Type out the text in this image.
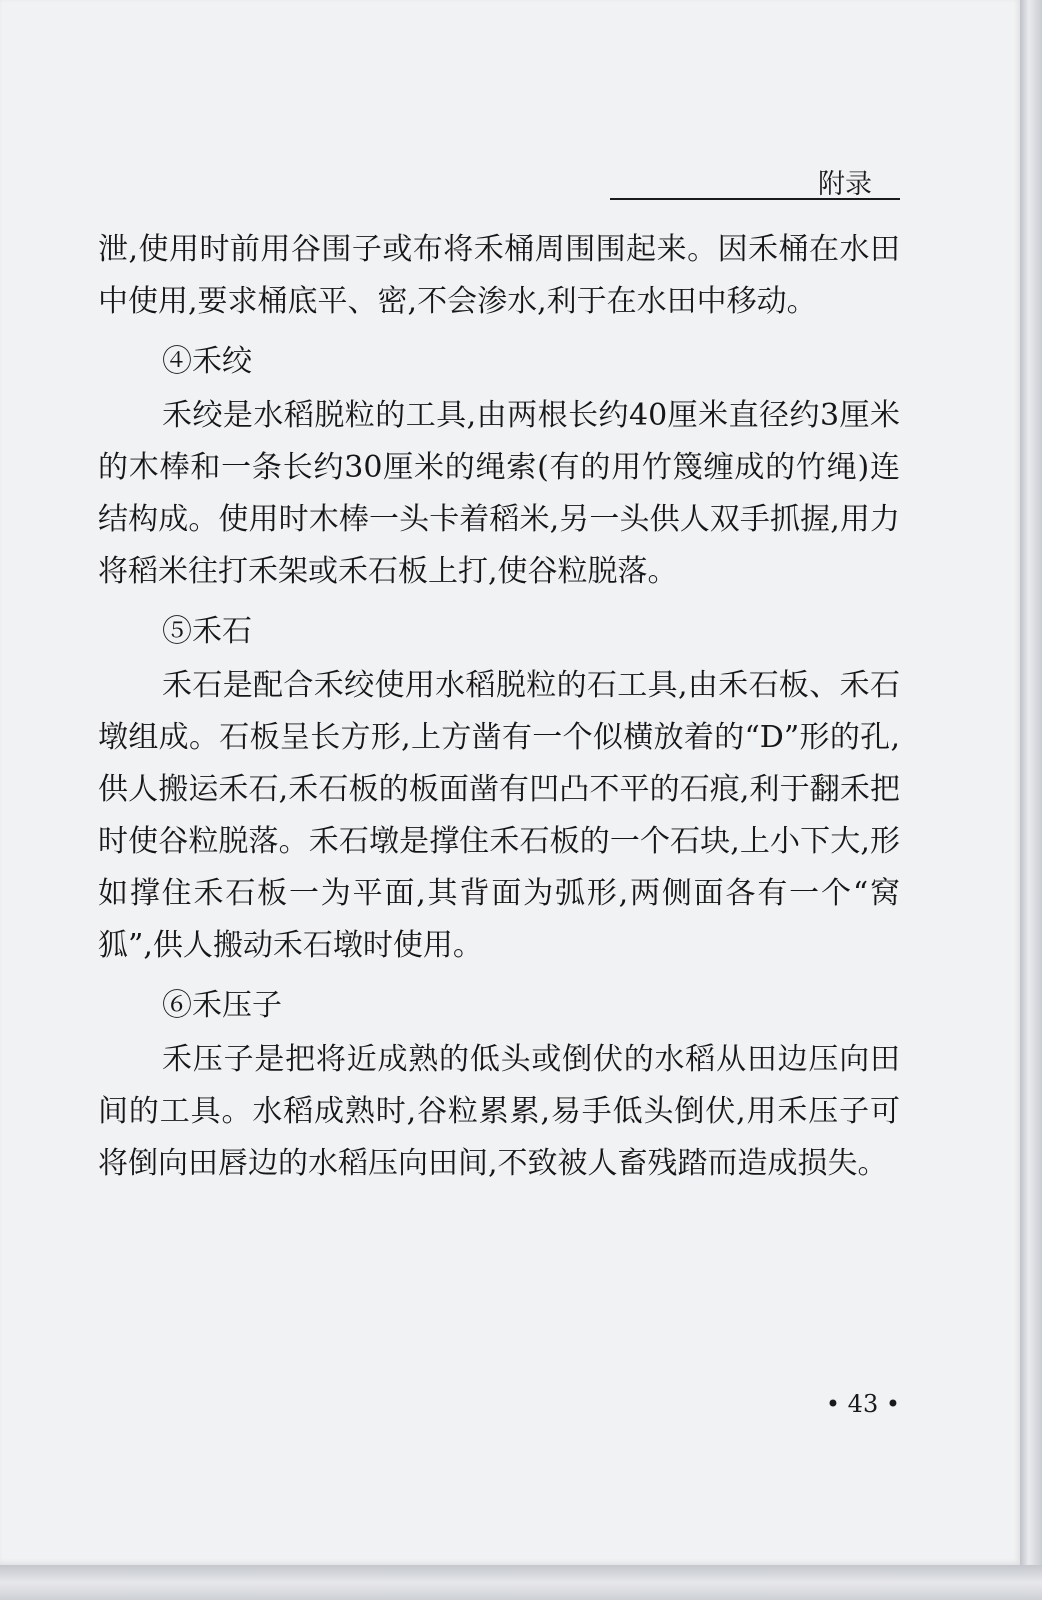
附录

泄,使用时前用谷围子或布将禾桶周围围起来。因禾桶在水田中使用,要求桶底平、密,不会渗水,利于在水田中移动。

④禾绞

禾绞是水稻脱粒的工具,由两根长约40厘米直径约3厘米的木棒和一条长约30厘米的绳索(有的用竹篾缠成的竹绳)连结构成。使用时木棒一头卡着稻米,另一头供人双手抓握,用力将稻米往打禾架或禾石板上打,使谷粒脱落。

⑤禾石

禾石是配合禾绞使用水稻脱粒的石工具,由禾石板、禾石墩组成。石板呈长方形,上方凿有一个似横放着的“D”形的孔,供人搬运禾石,禾石板的板面凿有凹凸不平的石痕,利于翻禾把时使谷粒脱落。禾石墩是撑住禾石板的一个石块,上小下大,形如撑住禾石板一为平面,其背面为弧形,两侧面各有一个“窝狐”,供人搬动禾石墩时使用。

⑥禾压子

禾压子是把将近成熟的低头或倒伏的水稻从田边压向田间的工具。水稻成熟时,谷粒累累,易手低头倒伏,用禾压子可将倒向田唇边的水稻压向田间,不致被人畜残踏而造成损失。

• 43 •
